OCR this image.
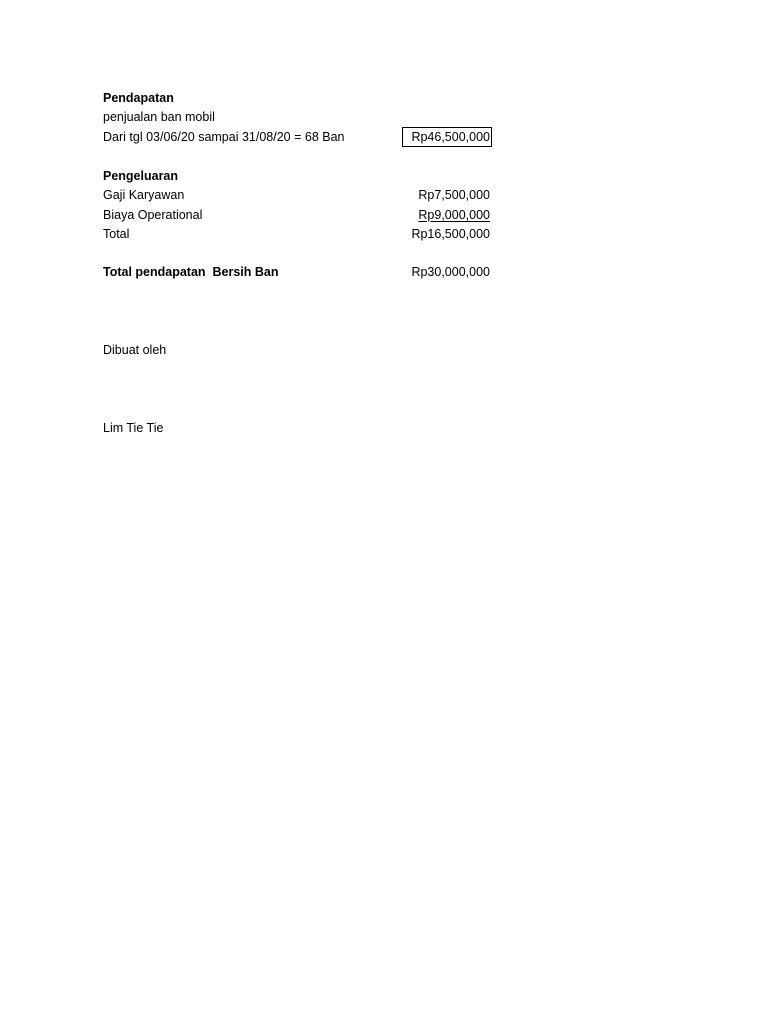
Pendapatan
penjualan ban mobil
Dari tgl 03/06/20 sampai 31/08/20 = 68 Ban	Rp46,500,000
Pengeluaran
Gaji Karyawan	Rp7,500,000
Biaya Operational	Rp9,000,000
Total	Rp16,500,000
Total pendapatan  Bersih Ban	Rp30,000,000
Dibuat oleh
Lim Tie Tie
